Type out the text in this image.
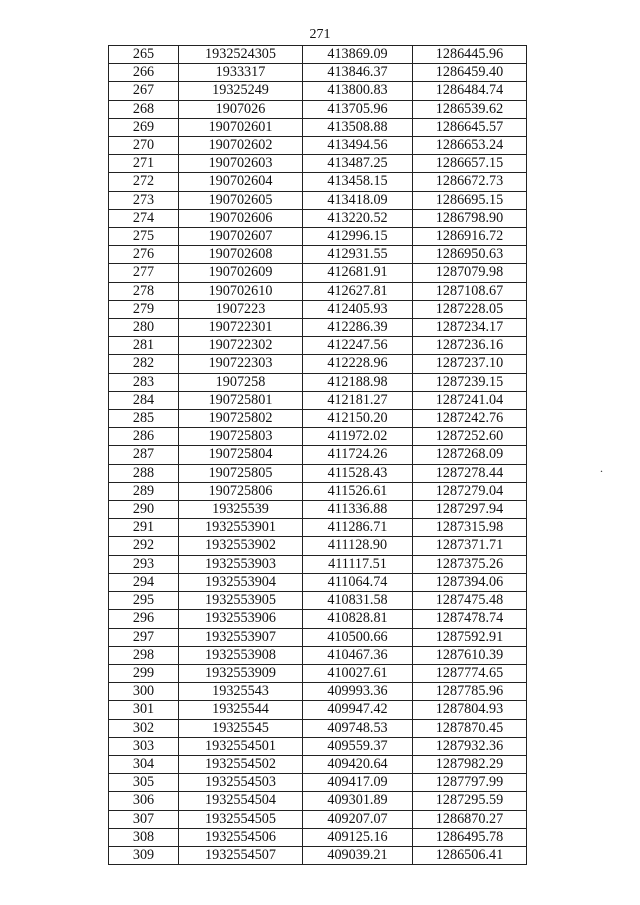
271
265	1932524305	413869.09	1286445.96
266	1933317	413846.37	1286459.40
267	19325249	413800.83	1286484.74
268	1907026	413705.96	1286539.62
269	190702601	413508.88	1286645.57
270	190702602	413494.56	1286653.24
271	190702603	413487.25	1286657.15
272	190702604	413458.15	1286672.73
273	190702605	413418.09	1286695.15
274	190702606	413220.52	1286798.90
275	190702607	412996.15	1286916.72
276	190702608	412931.55	1286950.63
277	190702609	412681.91	1287079.98
278	190702610	412627.81	1287108.67
279	1907223	412405.93	1287228.05
280	190722301	412286.39	1287234.17
281	190722302	412247.56	1287236.16
282	190722303	412228.96	1287237.10
283	1907258	412188.98	1287239.15
284	190725801	412181.27	1287241.04
285	190725802	412150.20	1287242.76
286	190725803	411972.02	1287252.60
287	190725804	411724.26	1287268.09
288	190725805	411528.43	1287278.44
289	190725806	411526.61	1287279.04
290	19325539	411336.88	1287297.94
291	1932553901	411286.71	1287315.98
292	1932553902	411128.90	1287371.71
293	1932553903	411117.51	1287375.26
294	1932553904	411064.74	1287394.06
295	1932553905	410831.58	1287475.48
296	1932553906	410828.81	1287478.74
297	1932553907	410500.66	1287592.91
298	1932553908	410467.36	1287610.39
299	1932553909	410027.61	1287774.65
300	19325543	409993.36	1287785.96
301	19325544	409947.42	1287804.93
302	19325545	409748.53	1287870.45
303	1932554501	409559.37	1287932.36
304	1932554502	409420.64	1287982.29
305	1932554503	409417.09	1287797.99
306	1932554504	409301.89	1287295.59
307	1932554505	409207.07	1286870.27
308	1932554506	409125.16	1286495.78
309	1932554507	409039.21	1286506.41
.
